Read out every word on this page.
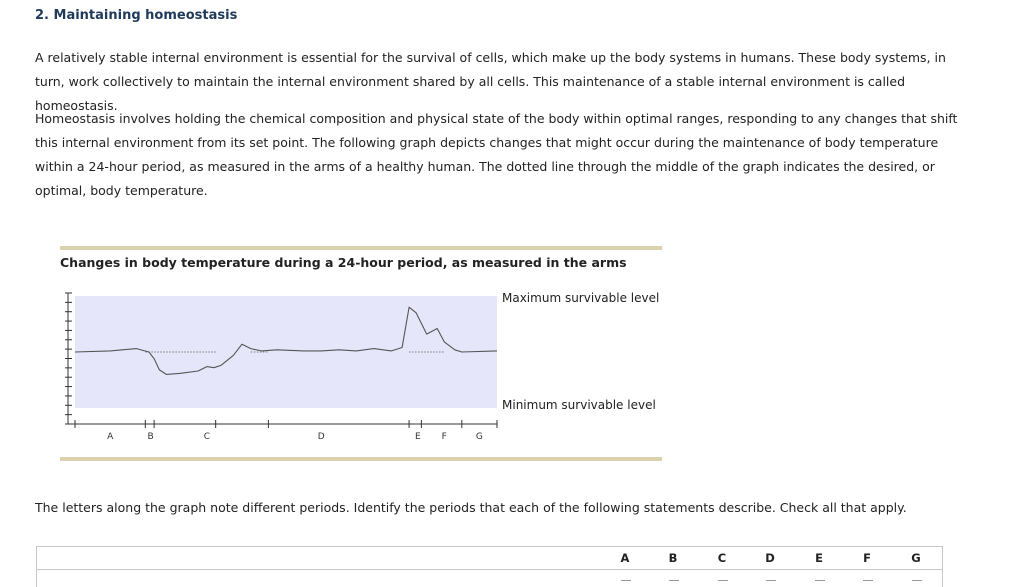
2. Maintaining homeostasis
A relatively stable internal environment is essential for the survival of cells, which make up the body systems in humans. These body systems, in turn, work collectively to maintain the internal environment shared by all cells. This maintenance of a stable internal environment is called homeostasis.
Homeostasis involves holding the chemical composition and physical state of the body within optimal ranges, responding to any changes that shift this internal environment from its set point. The following graph depicts changes that might occur during the maintenance of body temperature within a 24-hour period, as measured in the arms of a healthy human. The dotted line through the middle of the graph indicates the desired, or optimal, body temperature.
Changes in body temperature during a 24-hour period, as measured in the arms
Maximum survivable level
Minimum survivable level
A	B	C	D	E F	G
The letters along the graph note different periods. Identify the periods that each of the following statements describe. Check all that apply.
A	B	C	D	E	F	G
